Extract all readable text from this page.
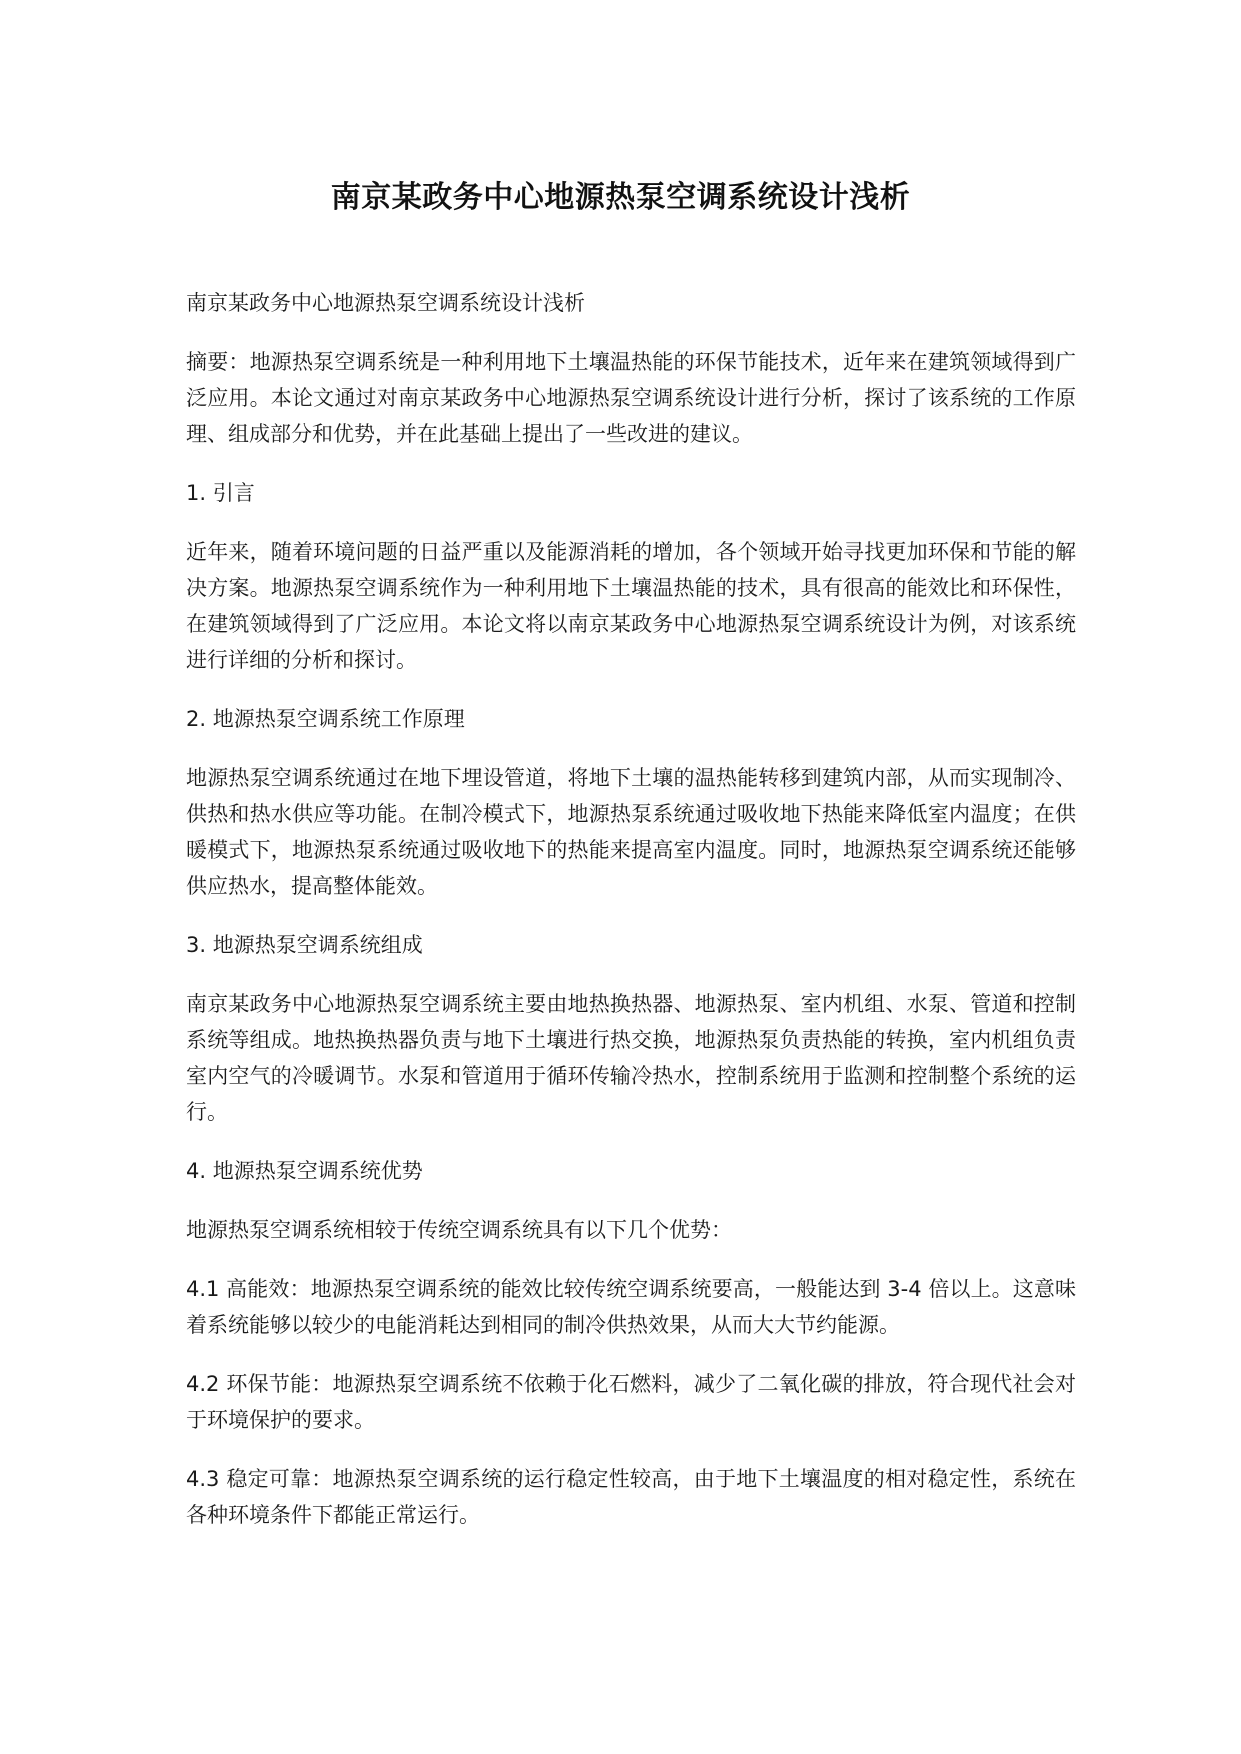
南京某政务中心地源热泵空调系统设计浅析

南京某政务中心地源热泵空调系统设计浅析

摘要：地源热泵空调系统是一种利用地下土壤温热能的环保节能技术，近年来在建筑领域得到广泛应用。本论文通过对南京某政务中心地源热泵空调系统设计进行分析，探讨了该系统的工作原理、组成部分和优势，并在此基础上提出了一些改进的建议。

1. 引言

近年来，随着环境问题的日益严重以及能源消耗的增加，各个领域开始寻找更加环保和节能的解决方案。地源热泵空调系统作为一种利用地下土壤温热能的技术，具有很高的能效比和环保性，在建筑领域得到了广泛应用。本论文将以南京某政务中心地源热泵空调系统设计为例，对该系统进行详细的分析和探讨。

2. 地源热泵空调系统工作原理

地源热泵空调系统通过在地下埋设管道，将地下土壤的温热能转移到建筑内部，从而实现制冷、供热和热水供应等功能。在制冷模式下，地源热泵系统通过吸收地下热能来降低室内温度；在供暖模式下，地源热泵系统通过吸收地下的热能来提高室内温度。同时，地源热泵空调系统还能够供应热水，提高整体能效。

3. 地源热泵空调系统组成

南京某政务中心地源热泵空调系统主要由地热换热器、地源热泵、室内机组、水泵、管道和控制系统等组成。地热换热器负责与地下土壤进行热交换，地源热泵负责热能的转换，室内机组负责室内空气的冷暖调节。水泵和管道用于循环传输冷热水，控制系统用于监测和控制整个系统的运行。

4. 地源热泵空调系统优势

地源热泵空调系统相较于传统空调系统具有以下几个优势：

4.1 高能效：地源热泵空调系统的能效比较传统空调系统要高，一般能达到 3-4 倍以上。这意味着系统能够以较少的电能消耗达到相同的制冷供热效果，从而大大节约能源。

4.2 环保节能：地源热泵空调系统不依赖于化石燃料，减少了二氧化碳的排放，符合现代社会对于环境保护的要求。

4.3 稳定可靠：地源热泵空调系统的运行稳定性较高，由于地下土壤温度的相对稳定性，系统在各种环境条件下都能正常运行。
